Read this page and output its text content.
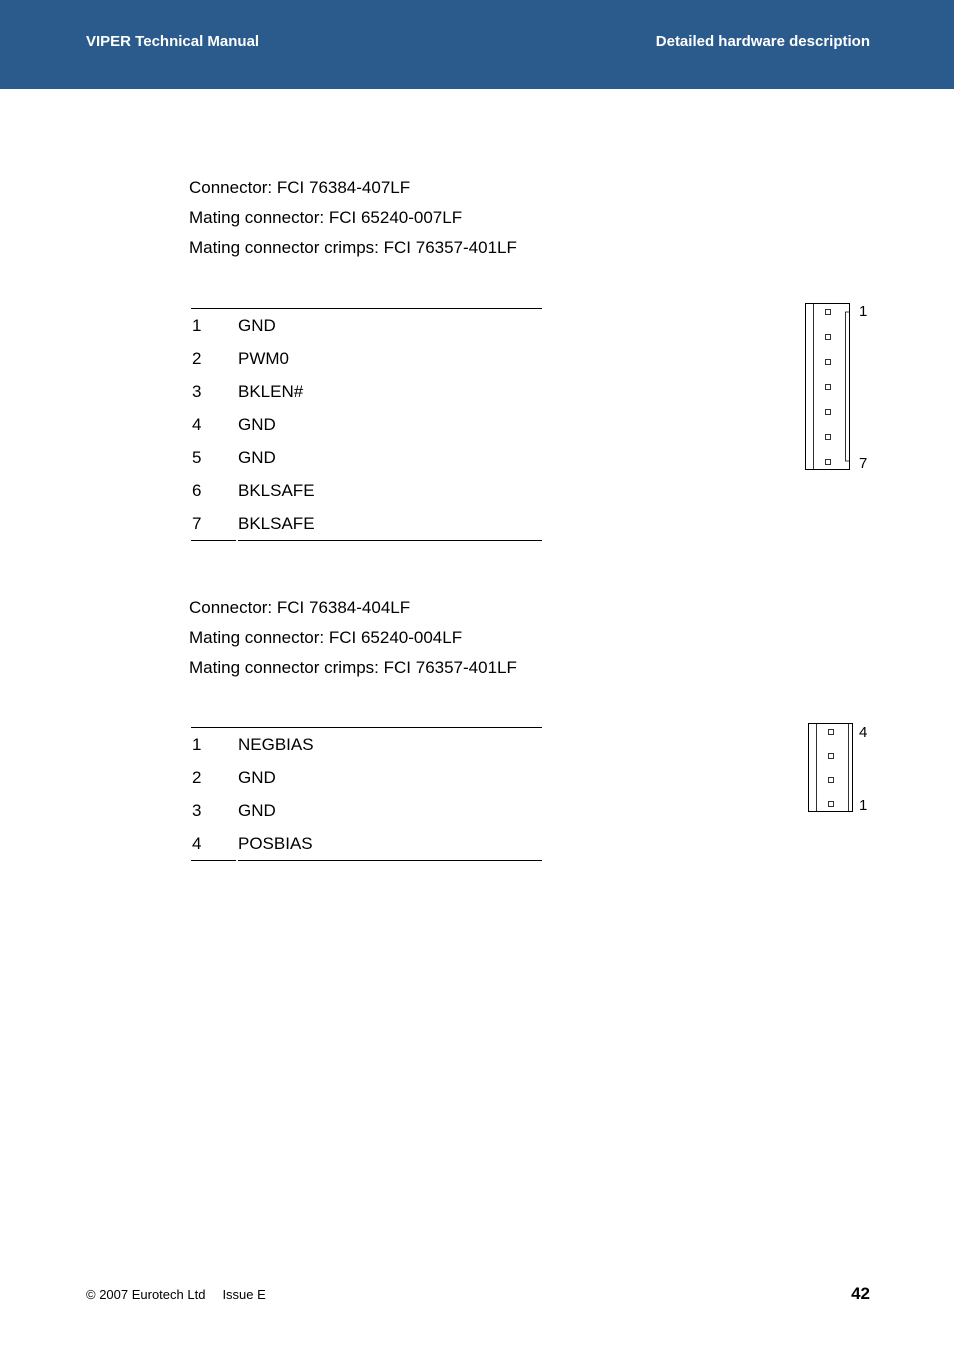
VIPER Technical Manual	Detailed hardware description
Connector: FCI 76384-407LF
Mating connector: FCI 65240-007LF
Mating connector crimps: FCI 76357-401LF
1 GND
2 PWM0
3 BKLEN#
4 GND
5 GND
6 BKLSAFE
7 BKLSAFE
1
7
Connector: FCI 76384-404LF
Mating connector: FCI 65240-004LF
Mating connector crimps: FCI 76357-401LF
1 NEGBIAS
2 GND
3 GND
4 POSBIAS
4
1
© 2007 Eurotech Ltd Issue E	42
